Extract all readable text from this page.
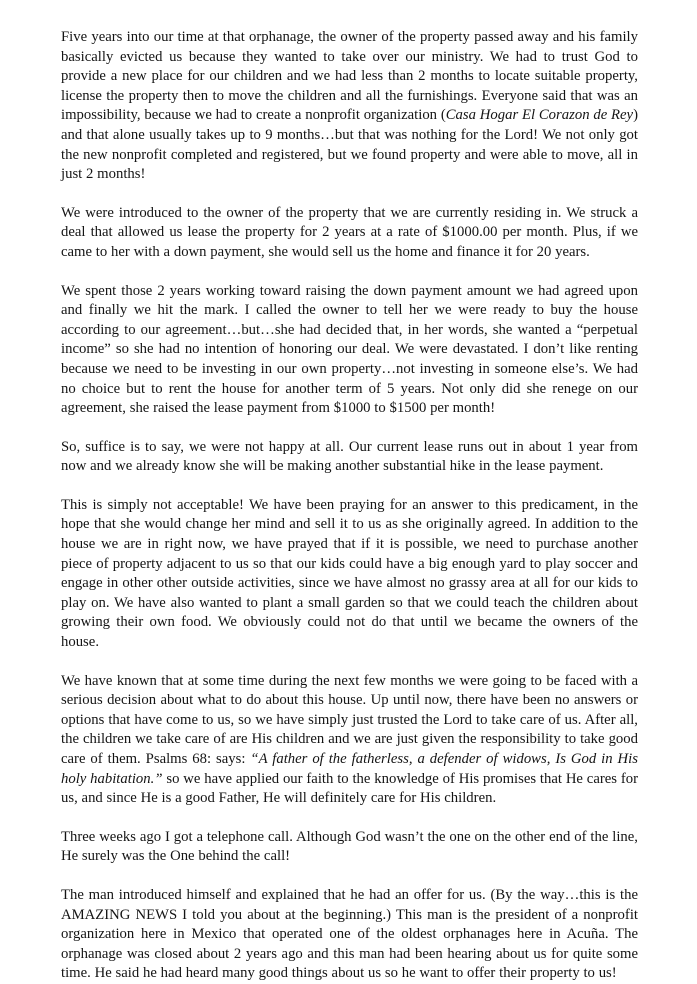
Five years into our time at that orphanage, the owner of the property passed away and his family basically evicted us because they wanted to take over our ministry. We had to trust God to provide a new place for our children and we had less than 2 months to locate suitable property, license the property then to move the children and all the furnishings. Everyone said that was an impossibility, because we had to create a nonprofit organization (Casa Hogar El Corazon de Rey) and that alone usually takes up to 9 months…but that was nothing for the Lord! We not only got the new nonprofit completed and registered, but we found property and were able to move, all in just 2 months!

We were introduced to the owner of the property that we are currently residing in. We struck a deal that allowed us lease the property for 2 years at a rate of $1000.00 per month. Plus, if we came to her with a down payment, she would sell us the home and finance it for 20 years.

We spent those 2 years working toward raising the down payment amount we had agreed upon and finally we hit the mark. I called the owner to tell her we were ready to buy the house according to our agreement…but…she had decided that, in her words, she wanted a “perpetual income” so she had no intention of honoring our deal. We were devastated. I don’t like renting because we need to be investing in our own property…not investing in someone else’s. We had no choice but to rent the house for another term of 5 years. Not only did she renege on our agreement, she raised the lease payment from $1000 to $1500 per month!

So, suffice is to say, we were not happy at all. Our current lease runs out in about 1 year from now and we already know she will be making another substantial hike in the lease payment.

This is simply not acceptable! We have been praying for an answer to this predicament, in the hope that she would change her mind and sell it to us as she originally agreed. In addition to the house we are in right now, we have prayed that if it is possible, we need to purchase another piece of property adjacent to us so that our kids could have a big enough yard to play soccer and engage in other other outside activities, since we have almost no grassy area at all for our kids to play on. We have also wanted to plant a small garden so that we could teach the children about growing their own food. We obviously could not do that until we became the owners of the house.

We have known that at some time during the next few months we were going to be faced with a serious decision about what to do about this house. Up until now, there have been no answers or options that have come to us, so we have simply just trusted the Lord to take care of us. After all, the children we take care of are His children and we are just given the responsibility to take good care of them. Psalms 68: says: “A father of the fatherless, a defender of widows, Is God in His holy habitation.” so we have applied our faith to the knowledge of His promises that He cares for us, and since He is a good Father, He will definitely care for His children.

Three weeks ago I got a telephone call. Although God wasn’t the one on the other end of the line, He surely was the One behind the call!

The man introduced himself and explained that he had an offer for us. (By the way…this is the AMAZING NEWS I told you about at the beginning.) This man is the president of a nonprofit organization here in Mexico that operated one of the oldest orphanages here in Acuña. The orphanage was closed about 2 years ago and this man had been hearing about us for quite some time. He said he had heard many good things about us so he want to offer their property to us!
